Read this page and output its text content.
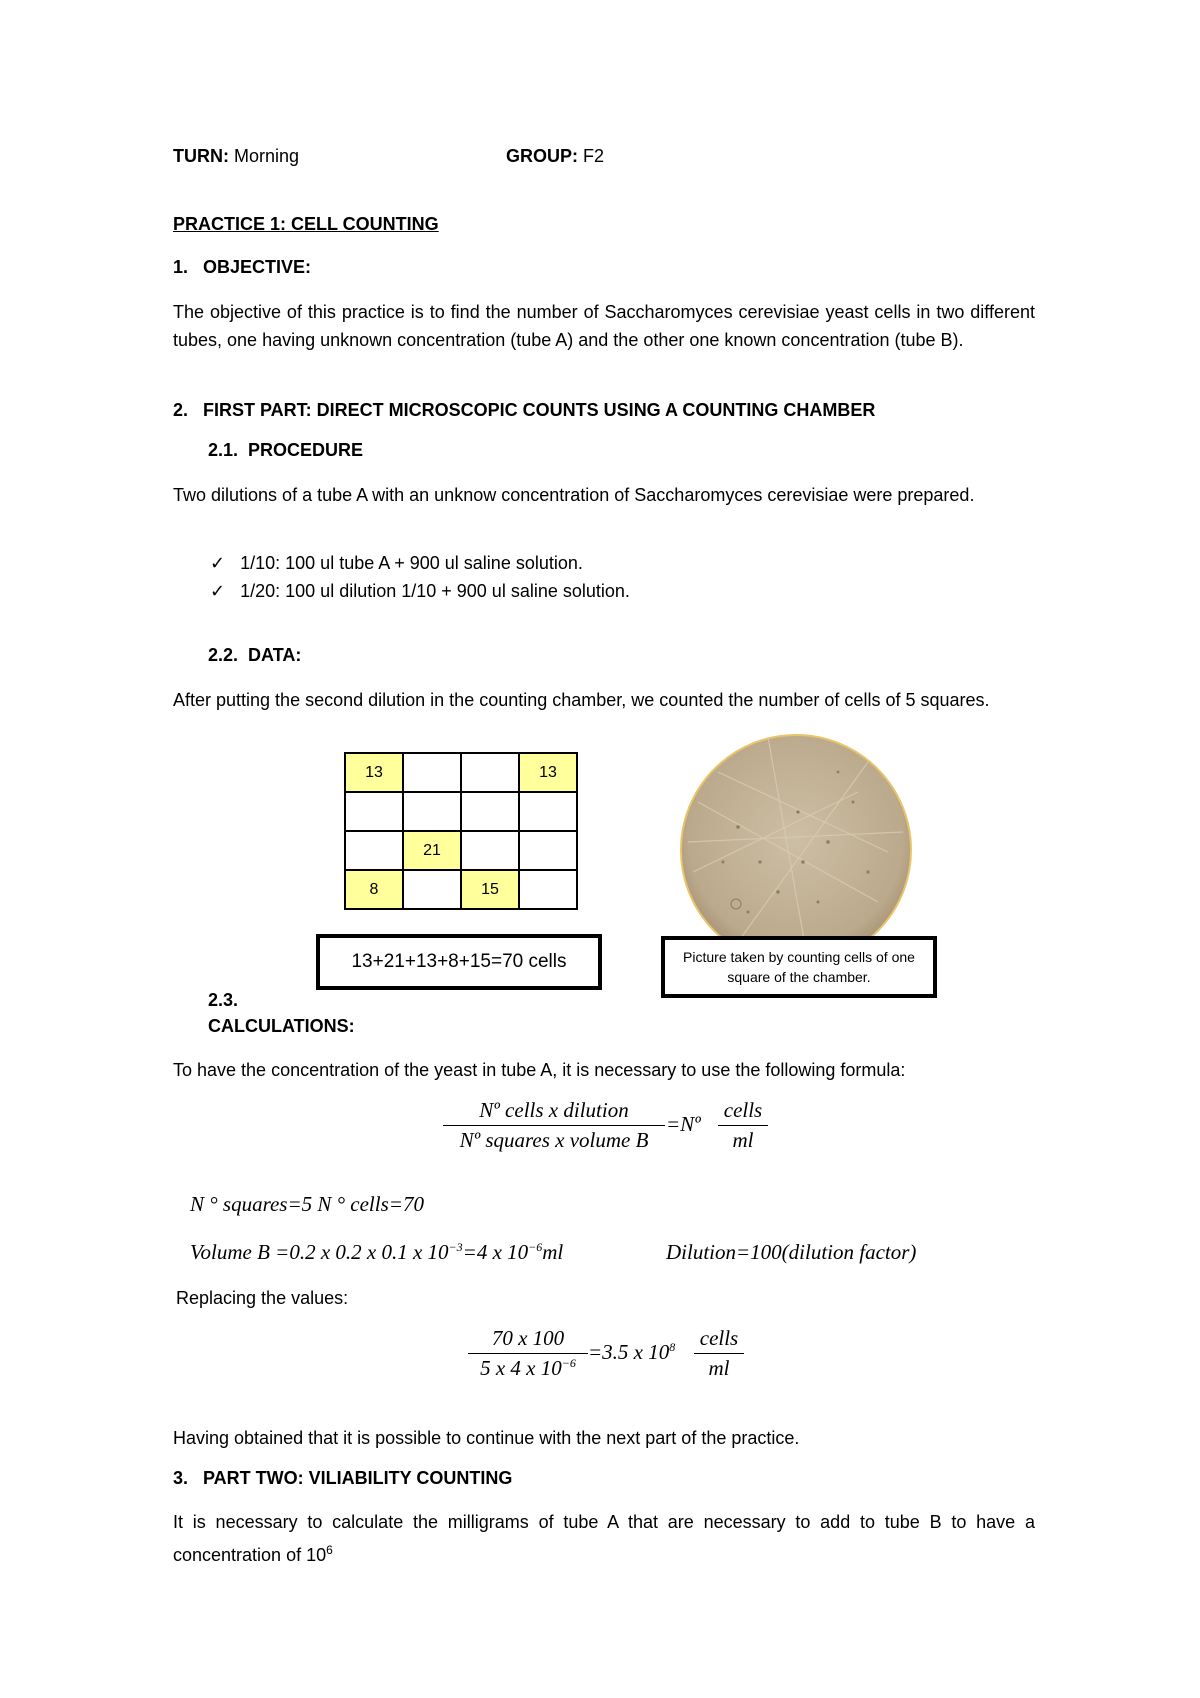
TURN: Morning	GROUP: F2
PRACTICE 1: CELL COUNTING
1.   OBJECTIVE:
The objective of this practice is to find the number of Saccharomyces cerevisiae yeast cells in two different tubes, one having unknown concentration (tube A) and the other one known concentration (tube B).
2.   FIRST PART: DIRECT MICROSCOPIC COUNTS USING A COUNTING CHAMBER
2.1.  PROCEDURE
Two dilutions of a tube A with an unknow concentration of Saccharomyces cerevisiae were prepared.
✓ 1/10: 100 ul tube A + 900 ul saline solution.
✓ 1/20: 100 ul dilution 1/10 + 900 ul saline solution.
2.2.  DATA:
After putting the second dilution in the counting chamber, we counted the number of cells of 5 squares.
13			13

	21		
8		15	
13+21+13+8+15=70 cells	Picture taken by counting cells of one square of the chamber.
2.3.
CALCULATIONS:
To have the concentration of the yeast in tube A, it is necessary to use the following formula:
Nº cells x dilution
Nº squares x volume B
=Nº
cells
ml
N ° squares=5 N ° cells=70
Volume B =0.2 x 0.2 x 0.1 x $10^{-3}=4$ x $10^{-6}ml$	Dilution=100(dilution factor)
Replacing the values:
70 x 100
5 x 4 x $10^{-6} =3.5$ x $10^8$ cells
ml
Having obtained that it is possible to continue with the next part of the practice.
3.   PART TWO: VILIABILITY COUNTING
It is necessary to calculate the milligrams of tube A that are necessary to add to tube B to have a concentration of $10^6$
